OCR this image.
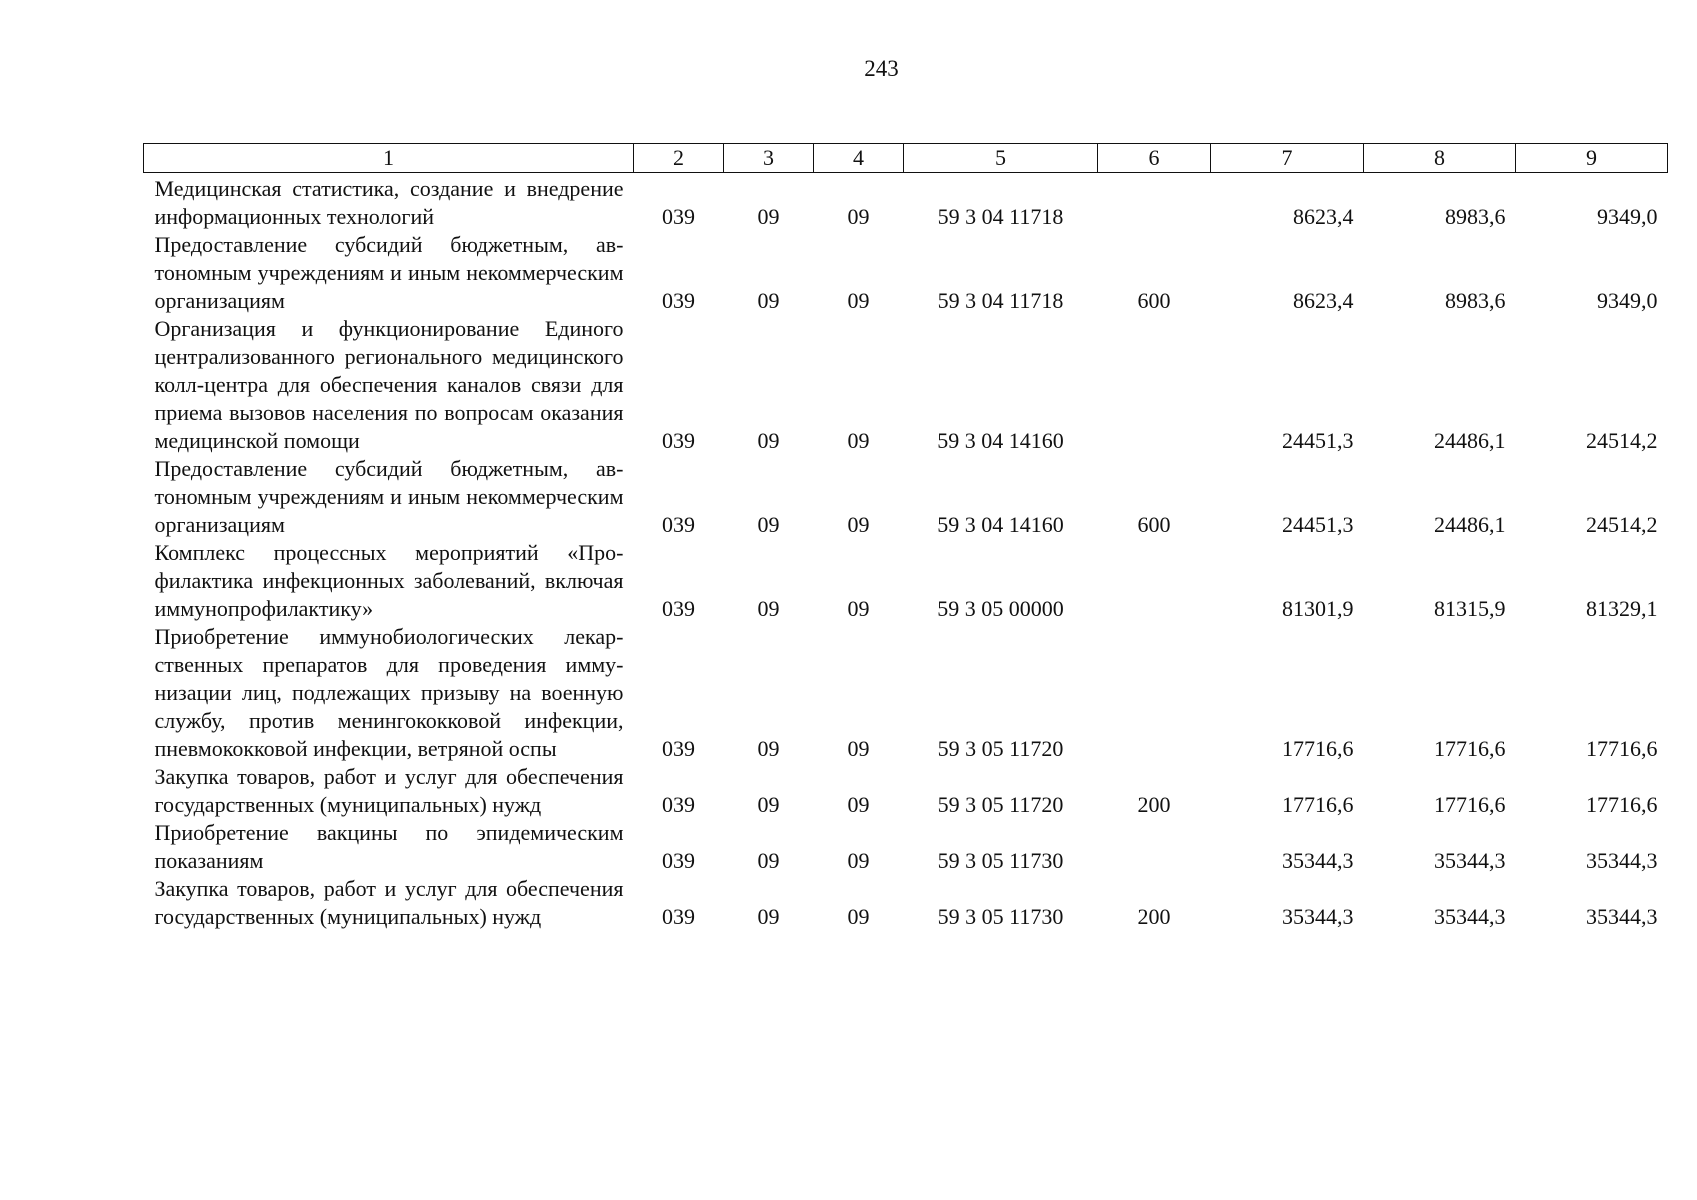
243
1	2	3	4	5	6	7	8	9
Медицинская статистика, создание и внедрение информационных технологий	039	09	09	59 3 04 11718		8623,4	8983,6	9349,0
Предоставление субсидий бюджетным, автономным учреждениям и иным некоммерческим организациям	039	09	09	59 3 04 11718	600	8623,4	8983,6	9349,0
Организация и функционирование Единого централизованного регионального медицинского колл-центра для обеспечения каналов связи для приема вызовов населения по вопросам оказания медицинской помощи	039	09	09	59 3 04 14160		24451,3	24486,1	24514,2
Предоставление субсидий бюджетным, автономным учреждениям и иным некоммерческим организациям	039	09	09	59 3 04 14160	600	24451,3	24486,1	24514,2
Комплекс процессных мероприятий «Профилактика инфекционных заболеваний, включая иммунопрофилактику»	039	09	09	59 3 05 00000		81301,9	81315,9	81329,1
Приобретение иммунобиологических лекарственных препаратов для проведения иммунизации лиц, подлежащих призыву на военную службу, против менингококковой инфекции, пневмококковой инфекции, ветряной оспы	039	09	09	59 3 05 11720		17716,6	17716,6	17716,6
Закупка товаров, работ и услуг для обеспечения государственных (муниципальных) нужд	039	09	09	59 3 05 11720	200	17716,6	17716,6	17716,6
Приобретение вакцины по эпидемическим показаниям	039	09	09	59 3 05 11730		35344,3	35344,3	35344,3
Закупка товаров, работ и услуг для обеспечения государственных (муниципальных) нужд	039	09	09	59 3 05 11730	200	35344,3	35344,3	35344,3
